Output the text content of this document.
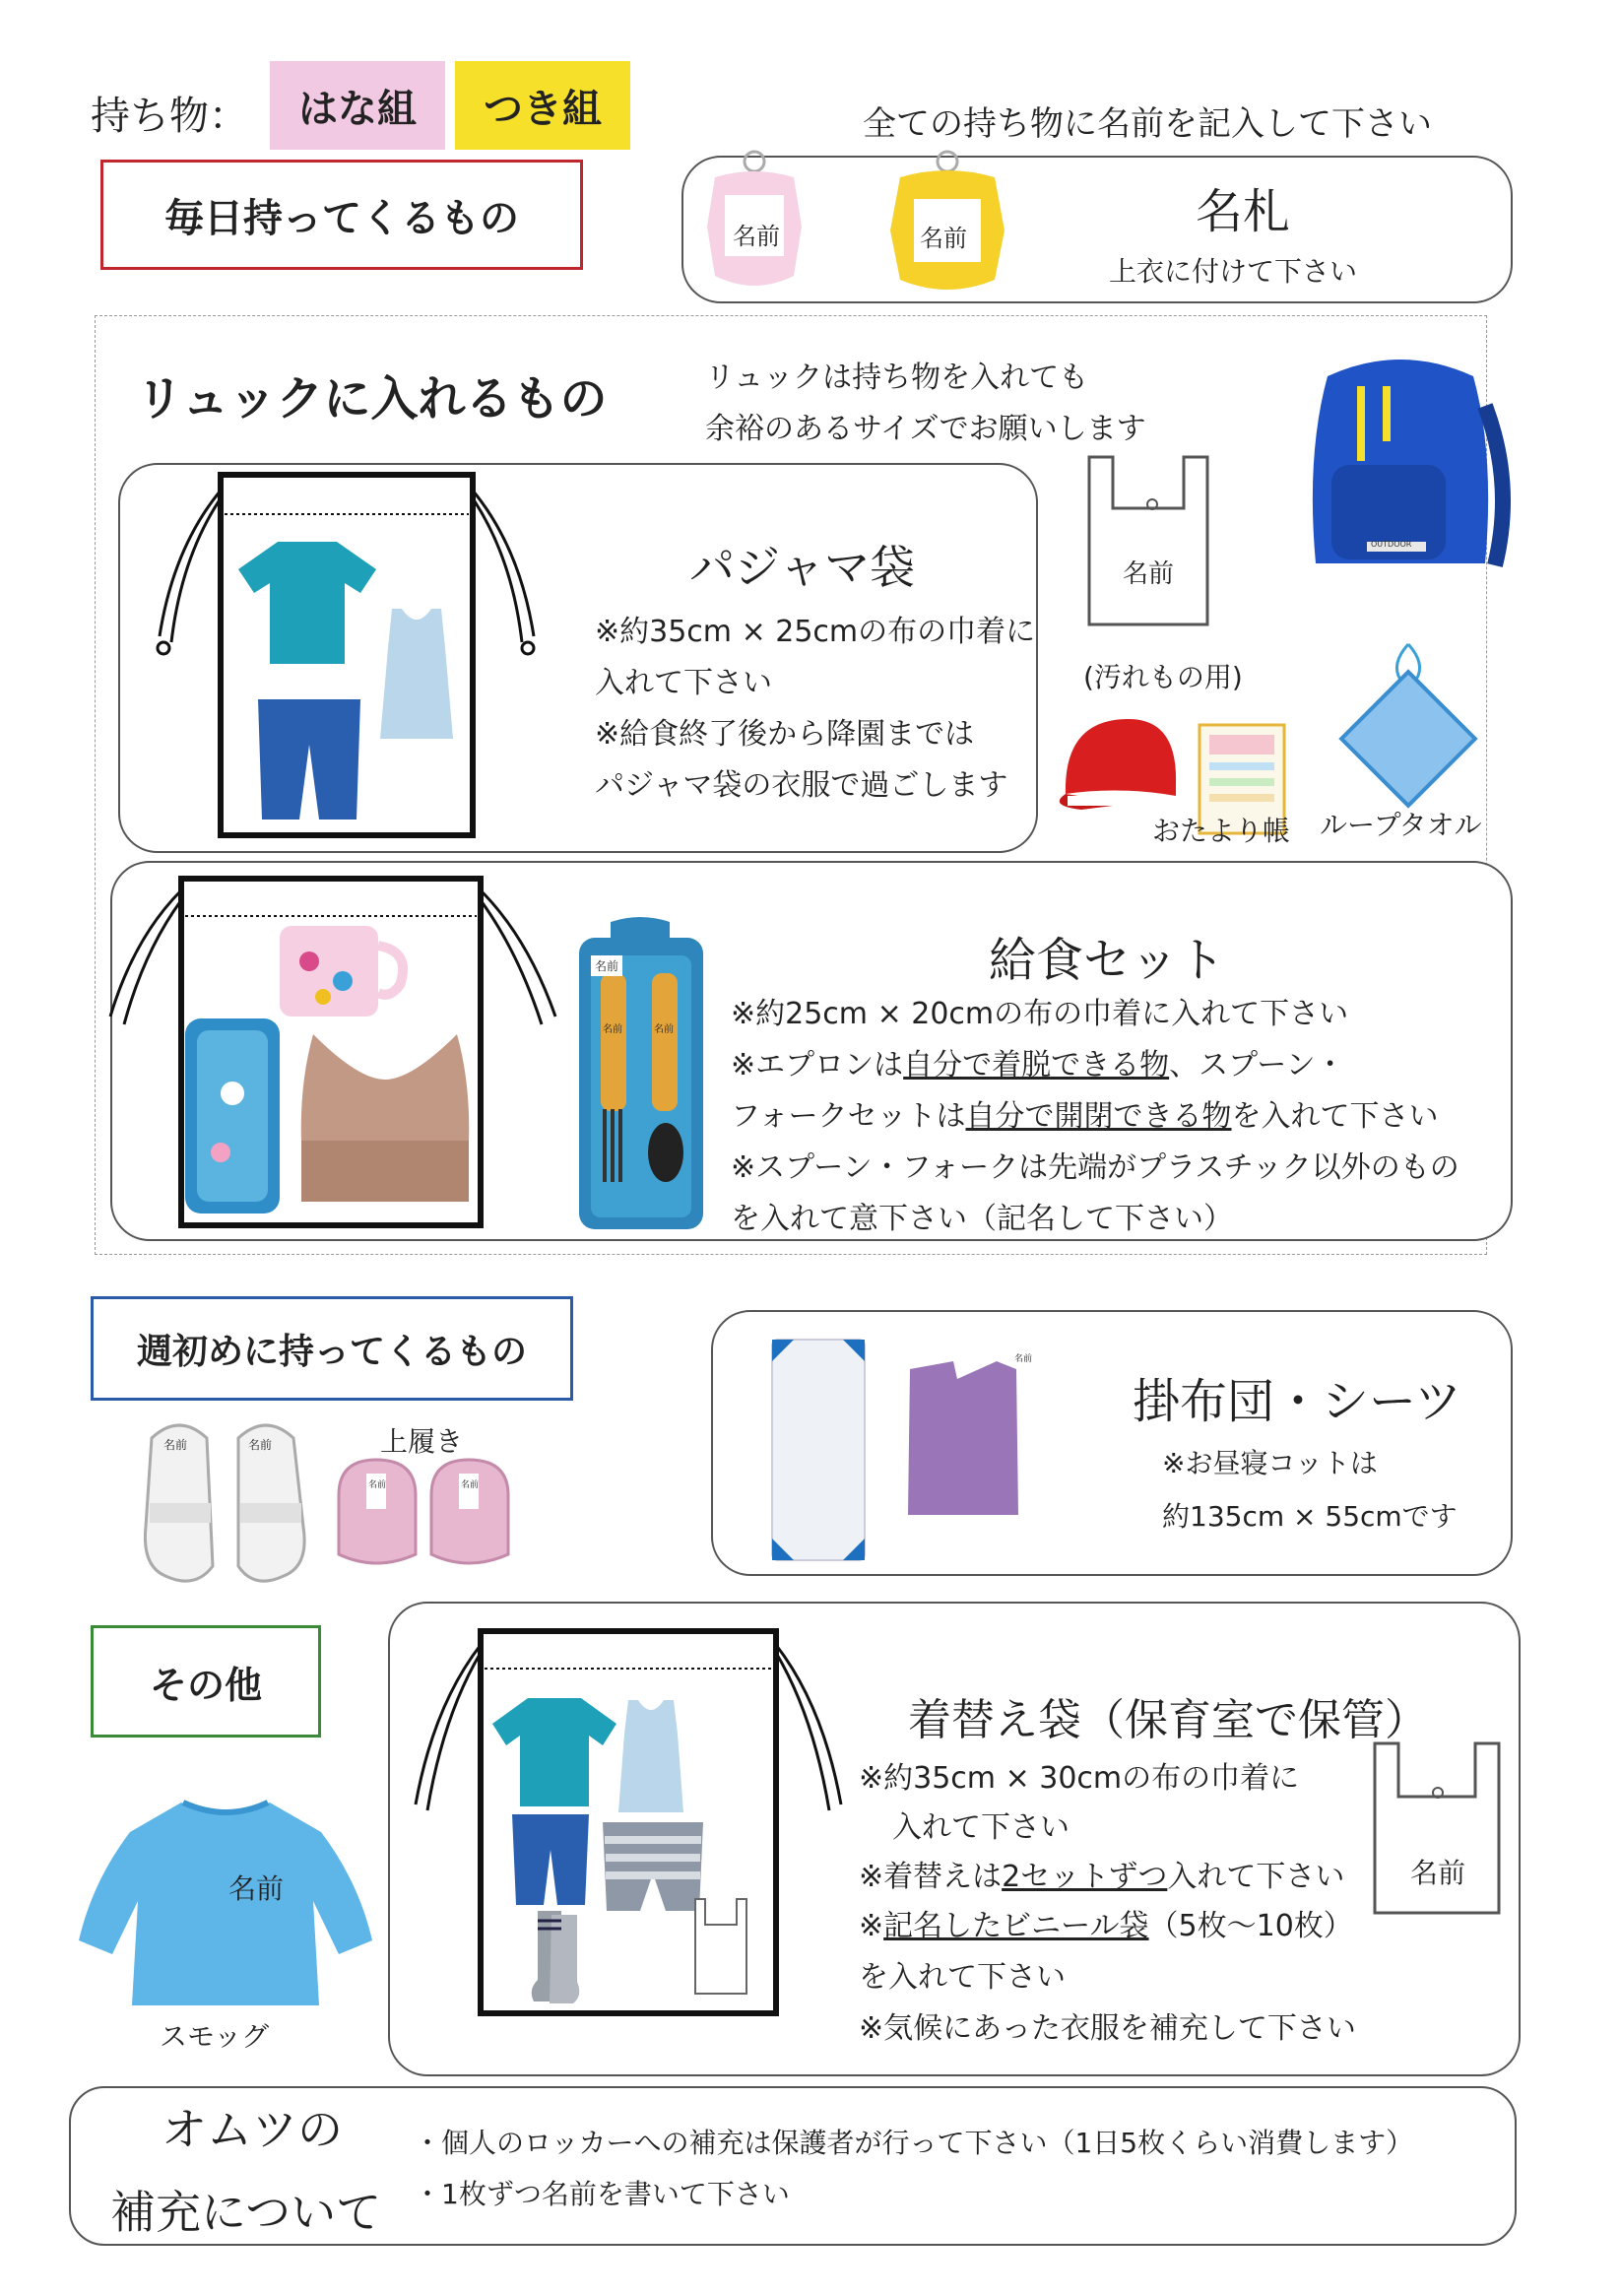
持ち物：	はな組	つき組	全ての持ち物に名前を記入して下さい
毎日持ってくるもの	名前	名前	名札
上衣に付けて下さい
リュックに入れるもの	リュックは持ち物を入れても
余裕のあるサイズでお願いします
OUTDOOR
パジャマ袋
※約35cm × 25cmの布の巾着に
入れて下さい
※給食終了後から降園までは
パジャマ袋の衣服で過ごします
名前
(汚れもの用)
おたより帳 ループタオル
名前
名前	名前
給食セット
※約25cm × 20cmの布の巾着に入れて下さい
※エプロンは自分で着脱できる物、スプーン・
フォークセットは自分で開閉できる物を入れて下さい
※スプーン・フォークは先端がプラスチック以外のもの
を入れて意下さい（記名して下さい）
週初めに持ってくるもの
名前	名前	上履き
名前	名前
名前
掛布団・シーツ
※お昼寝コットは
約135cm × 55cmです
その他
名前
スモッグ
着替え袋（保育室で保管）
※約35cm × 30cmの布の巾着に
入れて下さい
※着替えは2セットずつ入れて下さい
※記名したビニール袋（5枚〜10枚）
を入れて下さい
※気候にあった衣服を補充して下さい
名前
オムツの
補充について
・個人のロッカーへの補充は保護者が行って下さい（1日5枚くらい消費します）
・1枚ずつ名前を書いて下さい
